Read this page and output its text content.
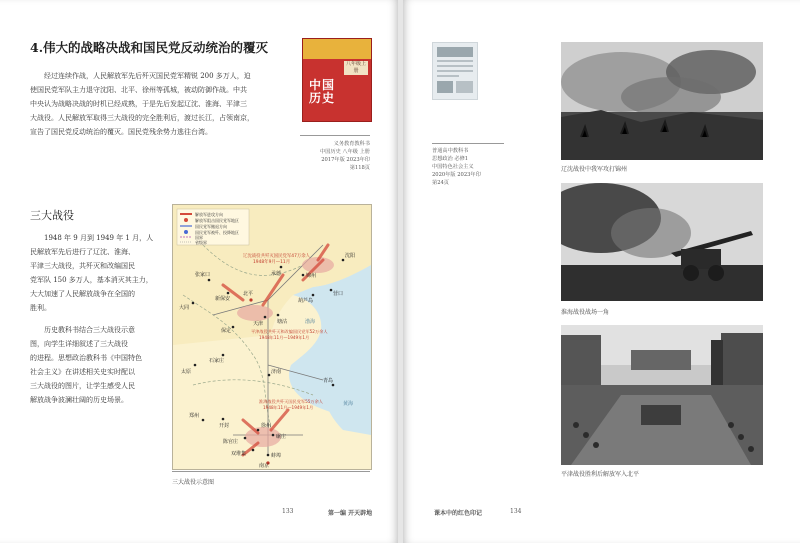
4.伟大的战略决战和国民党反动统治的覆灭
经过连续作战，人民解放军先后歼灭国民党军精锐 200 多万人，迫
使国民党军队主力退守沈阳、北平、徐州等孤城，被动防御作战。中共
中央认为战略决战的时机已经成熟，于是先后发起辽沈、淮海、平津三
大战役。人民解放军取得三大战役的完全胜利后，渡过长江，占领南京，
宣告了国民党反动统治的覆灭。国民党残余势力逃往台湾。
八年级上册
中国
历史
义务教育教科书
中国历史 八年级 上册
2017年版 2023年印
第118页
三大战役
1948 年 9 月到 1949 年 1 月，人
民解放军先后进行了辽沈、淮海、
平津三大战役，共歼灭和改编国民
党军队 150 多万人，基本消灭其主力，
大大加速了人民解放战争在全国的
胜利。
历史教科书结合三大战役示意
图，向学生详细叙述了三大战役
的进程。思想政治教科书《中国特色
社会主义》在讲述相关史实时配以
三大战役的图片，让学生感受人民
解放战争波澜壮阔的历史场景。
解放军进攻方向
解放军阻击国民党军地区
国民党军撤退方向
国民党军被歼、投降地区
国界
省级界
辽沈战役共歼灭国民党军47万余人
1948年9月—11月
平津战役共歼灭和改编国民党军52万余人
1948年11月—1949年1月
淮海战役共歼灭国民党军55万余人
1948年11月—1949年1月
承德	锦州
沈阳
营口
葫芦岛
张家口
新保安
北平
天津	塘沽
大同
保定
石家庄
太原	济南
青岛
郑州
开封	徐州
陈官庄
碾庄
双堆集	蚌埠
南京
渤海
黄海
三大战役示意图
133	第一编 开天辟地
普通高中教科书
思想政治 必修1
中国特色社会主义
2020年版 2023年印
第24页
辽沈战役中我军攻打锦州
淮海战役战场一角
平津战役胜利后解放军入北平
课本中的红色印记	134
